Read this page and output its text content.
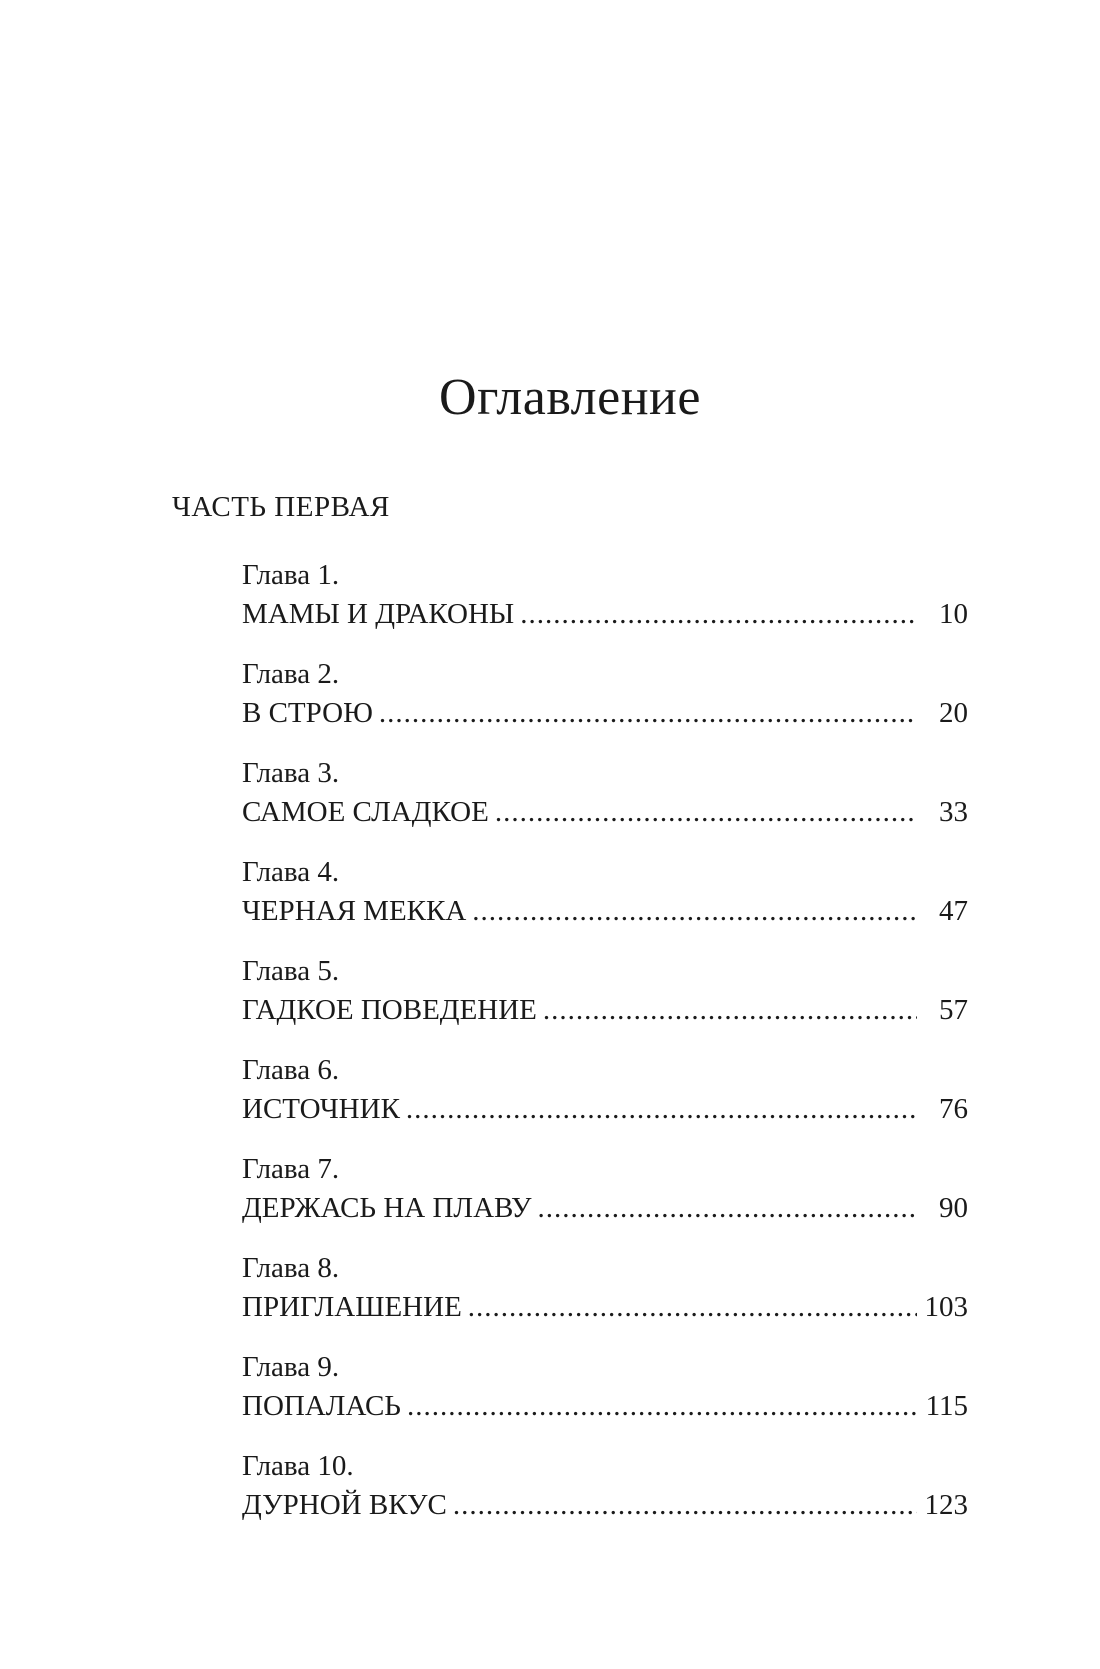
Оглавление
ЧАСТЬ ПЕРВАЯ
Глава 1.
МАМЫ И ДРАКОНЫ .....	10
Глава 2.
В СТРОЮ .....	20
Глава 3.
САМОЕ СЛАДКОЕ .....	33
Глава 4.
ЧЕРНАЯ МЕККА .....	47
Глава 5.
ГАДКОЕ ПОВЕДЕНИЕ .....	57
Глава 6.
ИСТОЧНИК .....	76
Глава 7.
ДЕРЖАСЬ НА ПЛАВУ .....	90
Глава 8.
ПРИГЛАШЕНИЕ .....	103
Глава 9.
ПОПАЛАСЬ .....	115
Глава 10.
ДУРНОЙ ВКУС .....	123
